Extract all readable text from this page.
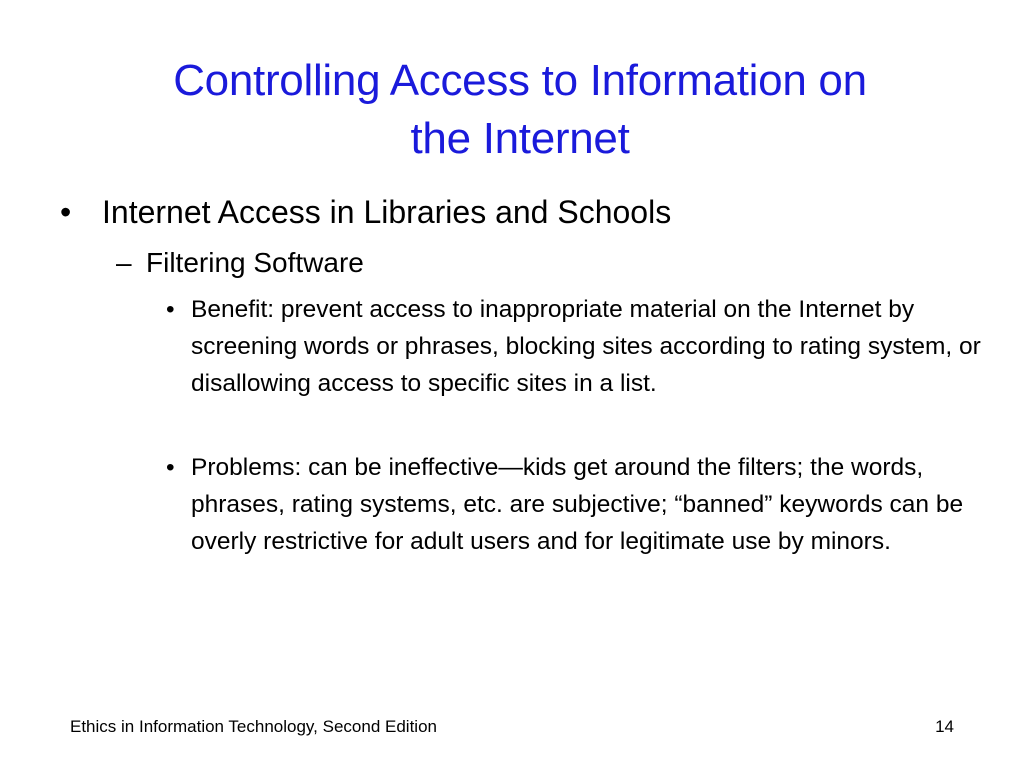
Controlling Access to Information on
the Internet
• Internet Access in Libraries and Schools
– Filtering Software
• Benefit: prevent access to inappropriate material on the Internet by screening words or phrases, blocking sites according to rating system, or disallowing access to specific sites in a list.
• Problems: can be ineffective—kids get around the filters; the words, phrases, rating systems, etc. are subjective; “banned” keywords can be overly restrictive for adult users and for legitimate use by minors.
Ethics in Information Technology, Second Edition	14
